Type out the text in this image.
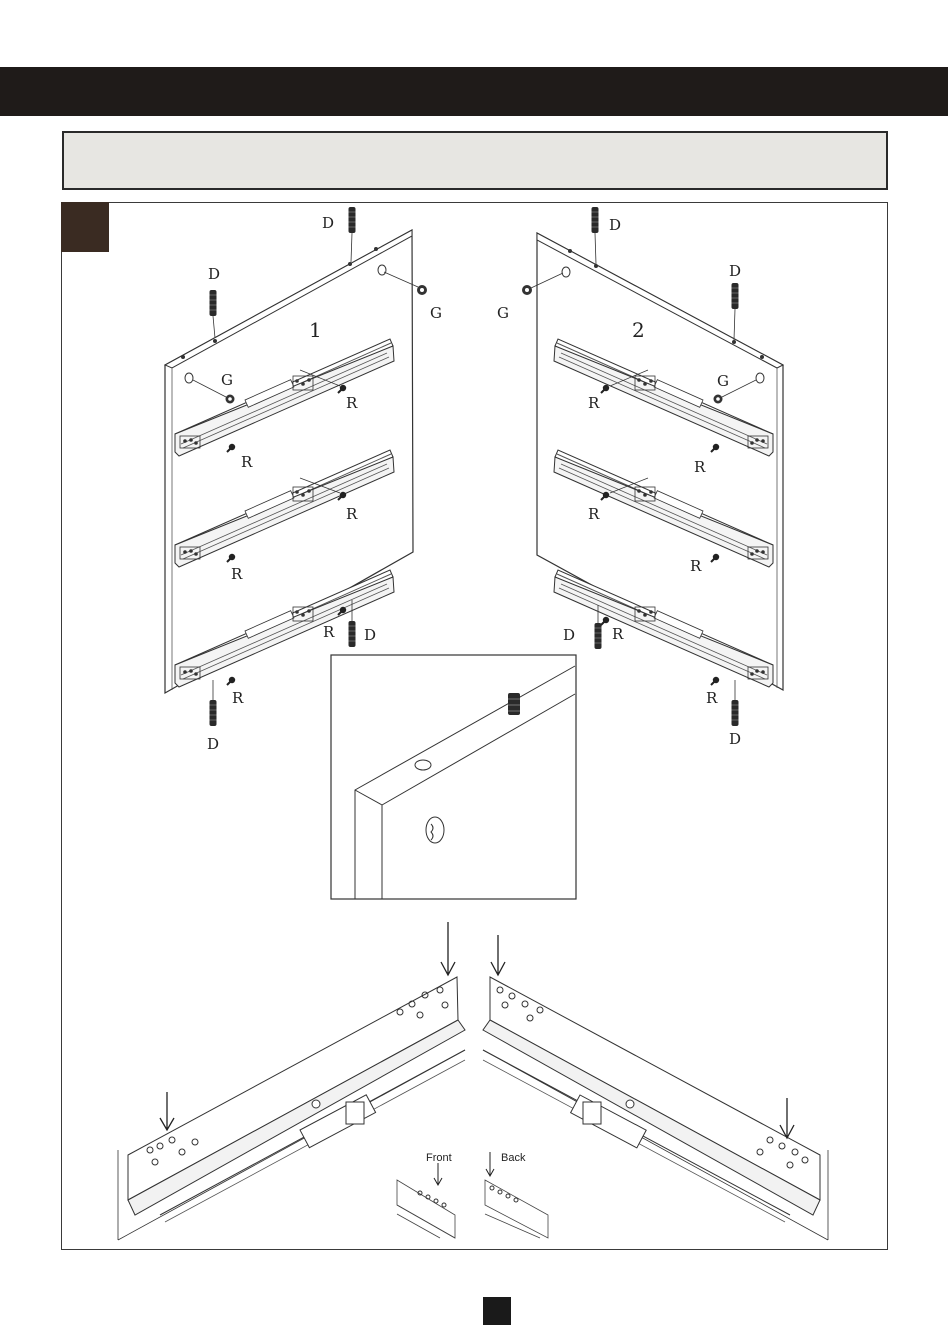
1	2
D
D
D
D
D
D
D
D
G	G
G	G
R
R
R
R
R
R
R
R
R
R
R
R
Front	Back
